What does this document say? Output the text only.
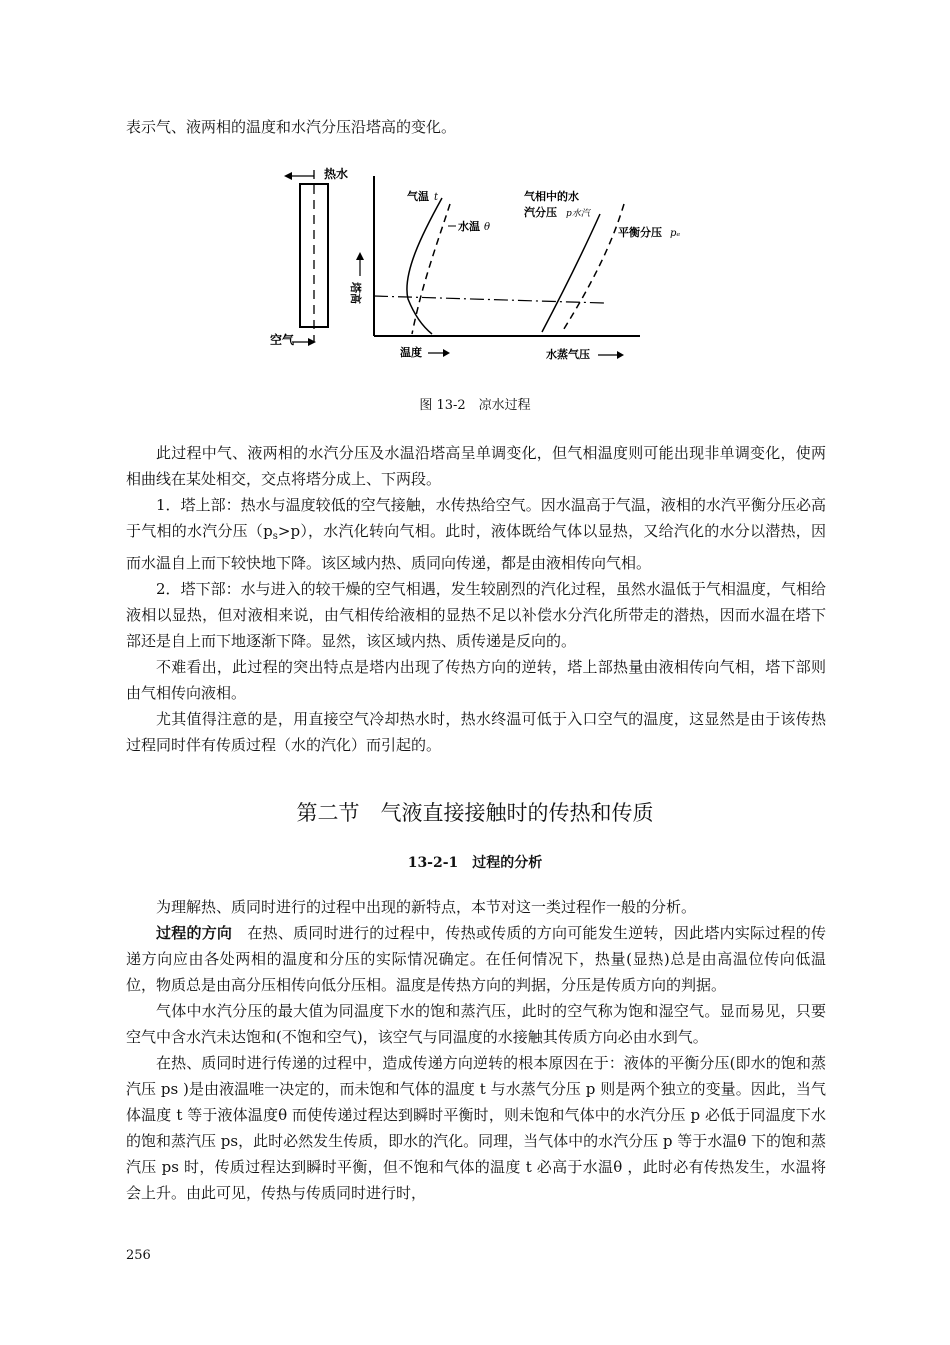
表示气、液两相的温度和水汽分压沿塔高的变化。
热水
空气
塔高
气温 t
水温 θ
气相中的水
汽分压 p水汽
平衡分压 pₑ
温度	水蒸气压
图 13-2　凉水过程

此过程中气、液两相的水汽分压及水温沿塔高呈单调变化，但气相温度则可能出现非单调变化，使两相曲线在某处相交，交点将塔分成上、下两段。

1．塔上部：热水与温度较低的空气接触，水传热给空气。因水温高于气温，液相的水汽平衡分压必高于气相的水汽分压$(p_s>p)$，水汽化转向气相。此时，液体既给气体以显热，又给汽化的水分以潜热，因而水温自上而下较快地下降。该区域内热、质同向传递，都是由液相传向气相。

2．塔下部：水与进入的较干燥的空气相遇，发生较剧烈的汽化过程，虽然水温低于气相温度，气相给液相以显热，但对液相来说，由气相传给液相的显热不足以补偿水分汽化所带走的潜热，因而水温在塔下部还是自上而下地逐渐下降。显然，该区域内热、质传递是反向的。

不难看出，此过程的突出特点是塔内出现了传热方向的逆转，塔上部热量由液相传向气相，塔下部则由气相传向液相。

尤其值得注意的是，用直接空气冷却热水时，热水终温可低于入口空气的温度，这显然是由于该传热过程同时伴有传质过程（水的汽化）而引起的。

第二节　气液直接接触时的传热和传质
13-2-1　过程的分析

为理解热、质同时进行的过程中出现的新特点，本节对这一类过程作一般的分析。

过程的方向　在热、质同时进行的过程中，传热或传质的方向可能发生逆转，因此塔内实际过程的传递方向应由各处两相的温度和分压的实际情况确定。在任何情况下，热量(显热)总是由高温位传向低温位，物质总是由高分压相传向低分压相。温度是传热方向的判据，分压是传质方向的判据。

气体中水汽分压的最大值为同温度下水的饱和蒸汽压，此时的空气称为饱和湿空气。显而易见，只要空气中含水汽未达饱和(不饱和空气)，该空气与同温度的水接触其传质方向必由水到气。

在热、质同时进行传递的过程中，造成传递方向逆转的根本原因在于：液体的平衡分压(即水的饱和蒸汽压 ps )是由液温唯一决定的，而未饱和气体的温度 t 与水蒸气分压 p 则是两个独立的变量。因此，当气体温度 t 等于液体温度θ 而使传递过程达到瞬时平衡时，则未饱和气体中的水汽分压 p 必低于同温度下水的饱和蒸汽压 ps，此时必然发生传质，即水的汽化。同理，当气体中的水汽分压 p 等于水温θ 下的饱和蒸汽压 ps 时，传质过程达到瞬时平衡，但不饱和气体的温度 t 必高于水温θ ，此时必有传热发生，水温将会上升。由此可见，传热与传质同时进行时，

256
